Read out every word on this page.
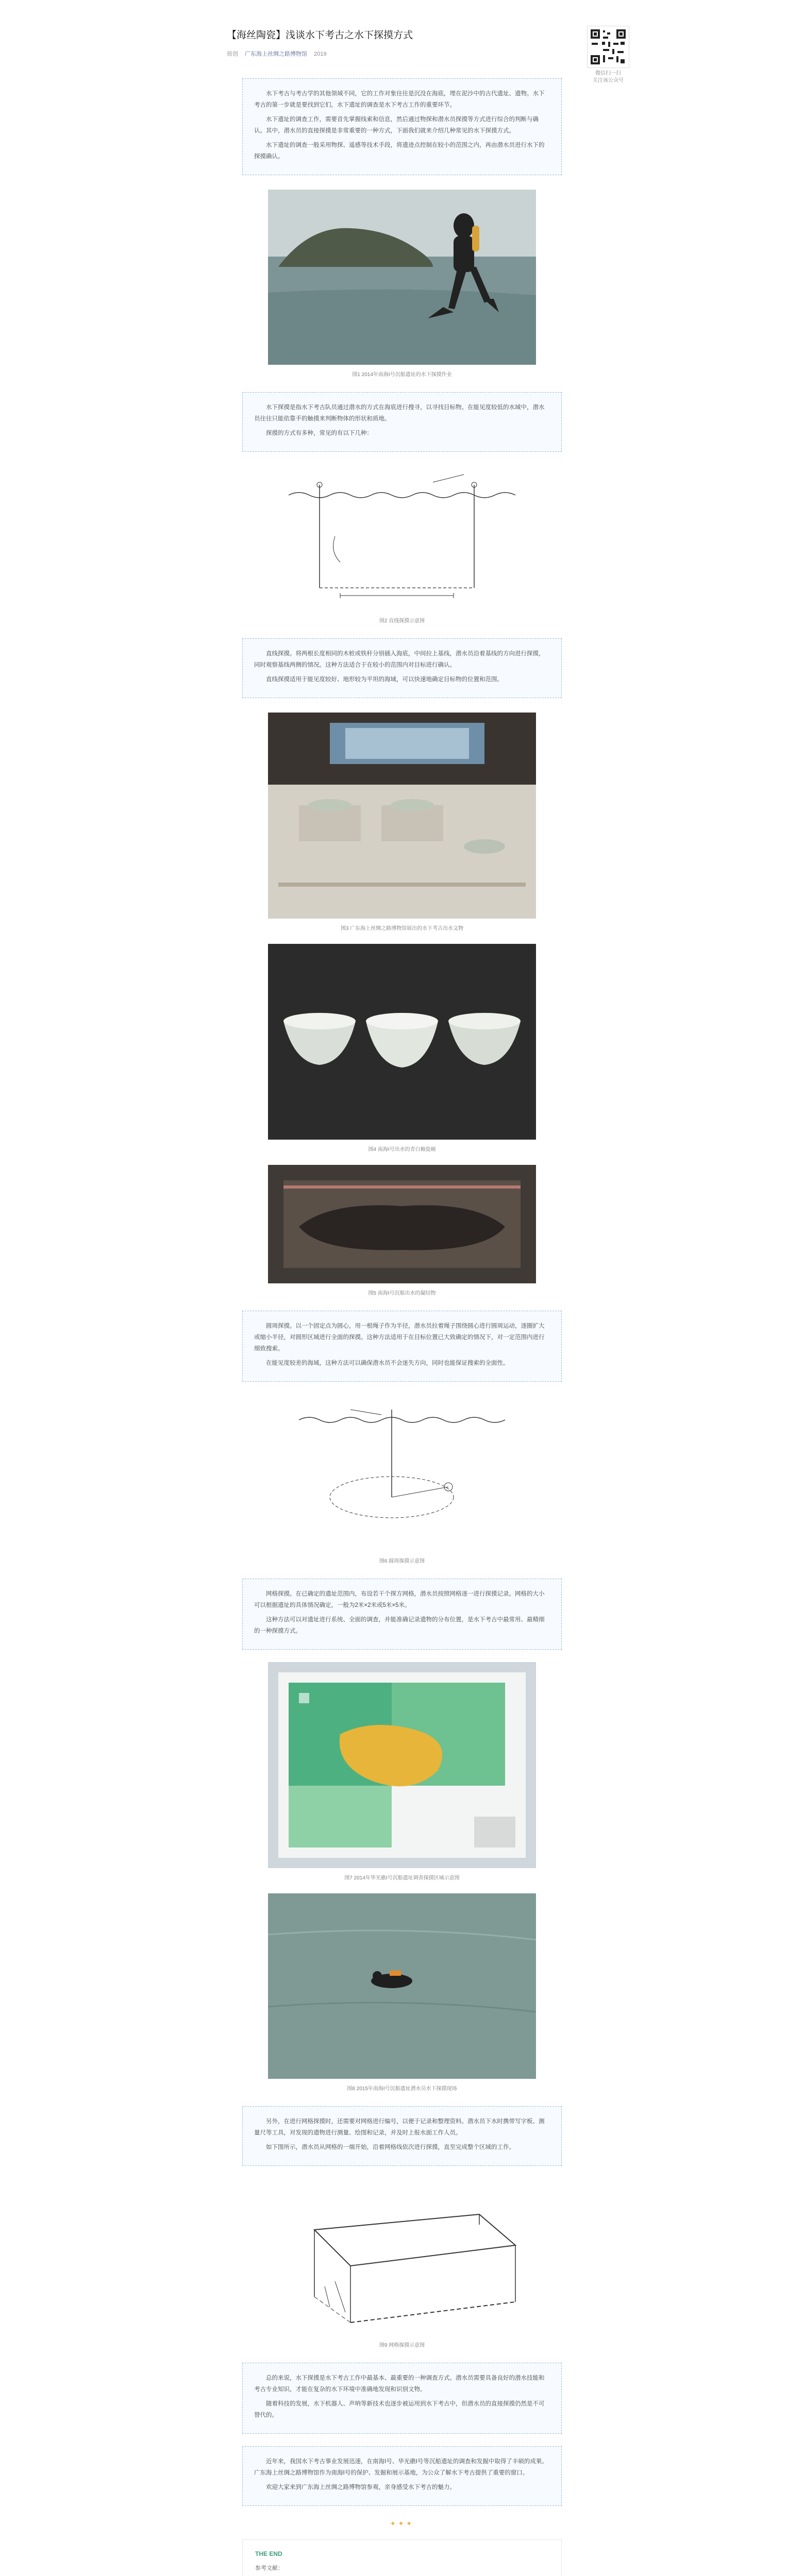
微信扫一扫
关注该公众号
【海丝陶瓷】浅谈水下考古之水下探摸方式
原创 广东海上丝绸之路博物馆 2019

水下考古与考古学的其他领域不同，它的工作对象往往是沉没在海底，埋在泥沙中的古代遗址、遗物。水下考古的第一步就是要找到它们，水下遗址的调查是水下考古工作的重要环节。

水下遗址的调查工作，需要首先掌握线索和信息，然后通过物探和潜水员探摸等方式进行综合的判断与确认。其中，潜水员的直接探摸是非常重要的一种方式，下面我们就来介绍几种常见的水下探摸方式。

水下遗址的调查一般采用物探、遥感等技术手段，将遗迹点控制在较小的范围之内，再由潜水员进行水下的探摸确认。

图1 2014年南海I号沉船遗址的水下探摸作业

水下探摸是指水下考古队员通过潜水的方式在海底进行搜寻，以寻找目标物。在能见度较低的水域中，潜水员往往只能依靠手的触摸来判断物体的形状和质地。

探摸的方式有多种，常见的有以下几种：

图2 直线探摸示意图

直线探摸。将两根长度相同的木桩或铁杆分别插入海底，中间拉上基线，潜水员沿着基线的方向进行探摸，同时观察基线两侧的情况。这种方法适合于在较小的范围内对目标进行确认。

直线探摸适用于能见度较好、地形较为平坦的海域，可以快速地确定目标物的位置和范围。

图3 广东海上丝绸之路博物馆展出的水下考古出水文物
图4 南海I号出水的青白釉瓷碗
图5 南海I号沉船出水的凝结物

圆周探摸。以一个固定点为圆心，用一根绳子作为半径，潜水员拉着绳子围绕圆心进行圆周运动，逐圈扩大或缩小半径，对圆形区域进行全面的探摸。这种方法适用于在目标位置已大致确定的情况下，对一定范围内进行细致搜索。

在能见度较差的海域，这种方法可以确保潜水员不会迷失方向，同时也能保证搜索的全面性。

图6 圆周探摸示意图

网格探摸。在已确定的遗址范围内，布设若干个探方网格，潜水员按照网格逐一进行探摸记录。网格的大小可以根据遗址的具体情况确定，一般为2米×2米或5米×5米。

这种方法可以对遗址进行系统、全面的调查，并能准确记录遗物的分布位置，是水下考古中最常用、最精细的一种探摸方式。

图7 2014年华光礁I号沉船遗址调查探摸区域示意图
图8 2015年南海I号沉船遗址潜水员水下探摸现场

另外，在进行网格探摸时，还需要对网格进行编号，以便于记录和整理资料。潜水员下水时携带写字板、测量尺等工具，对发现的遗物进行测量、绘图和记录，并及时上报水面工作人员。

如下图所示，潜水员从网格的一端开始，沿着网格线依次进行探摸，直至完成整个区域的工作。

图9 网格探摸示意图

总的来说，水下探摸是水下考古工作中最基本、最重要的一种调查方式。潜水员需要具备良好的潜水技能和考古专业知识，才能在复杂的水下环境中准确地发现和识别文物。

随着科技的发展，水下机器人、声呐等新技术也逐步被运用到水下考古中，但潜水员的直接探摸仍然是不可替代的。

近年来，我国水下考古事业发展迅速，在南海I号、华光礁I号等沉船遗址的调查和发掘中取得了丰硕的成果。广东海上丝绸之路博物馆作为南海I号的保护、发掘和展示基地，为公众了解水下考古提供了重要的窗口。

欢迎大家来到广东海上丝绸之路博物馆参观，亲身感受水下考古的魅力。

✦✦✦
THE END
参考文献：
